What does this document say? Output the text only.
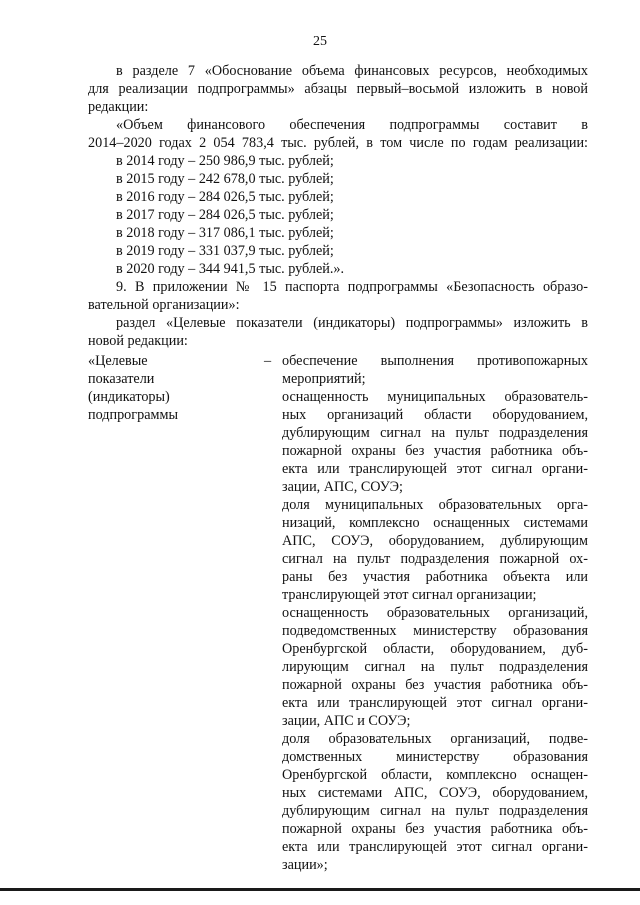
25
в разделе 7 «Обоснование объема финансовых ресурсов, необходимых
для реализации подпрограммы» абзацы первый–восьмой изложить в новой
редакции:
«Объем финансового обеспечения подпрограммы составит в
2014–2020 годах 2 054 783,4 тыс. рублей, в том числе по годам реализации:
в 2014 году – 250 986,9 тыс. рублей;
в 2015 году – 242 678,0 тыс. рублей;
в 2016 году – 284 026,5 тыс. рублей;
в 2017 году – 284 026,5 тыс. рублей;
в 2018 году – 317 086,1 тыс. рублей;
в 2019 году – 331 037,9 тыс. рублей;
в 2020 году – 344 941,5 тыс. рублей.».
9. В приложении № 15 паспорта подпрограммы «Безопасность образо-
вательной организации»:
раздел «Целевые показатели (индикаторы) подпрограммы» изложить в
новой редакции:
«Целевые
показатели
(индикаторы)
подпрограммы
– обеспечение выполнения противопожарных
мероприятий;
оснащенность муниципальных образователь-
ных организаций области оборудованием,
дублирующим сигнал на пульт подразделения
пожарной охраны без участия работника объ-
екта или транслирующей этот сигнал органи-
зации, АПС, СОУЭ;
доля муниципальных образовательных орга-
низаций, комплексно оснащенных системами
АПС, СОУЭ, оборудованием, дублирующим
сигнал на пульт подразделения пожарной ох-
раны без участия работника объекта или
транслирующей этот сигнал организации;
оснащенность образовательных организаций,
подведомственных министерству образования
Оренбургской области, оборудованием, дуб-
лирующим сигнал на пульт подразделения
пожарной охраны без участия работника объ-
екта или транслирующей этот сигнал органи-
зации, АПС и СОУЭ;
доля образовательных организаций, подве-
домственных министерству образования
Оренбургской области, комплексно оснащен-
ных системами АПС, СОУЭ, оборудованием,
дублирующим сигнал на пульт подразделения
пожарной охраны без участия работника объ-
екта или транслирующей этот сигнал органи-
зации»;
